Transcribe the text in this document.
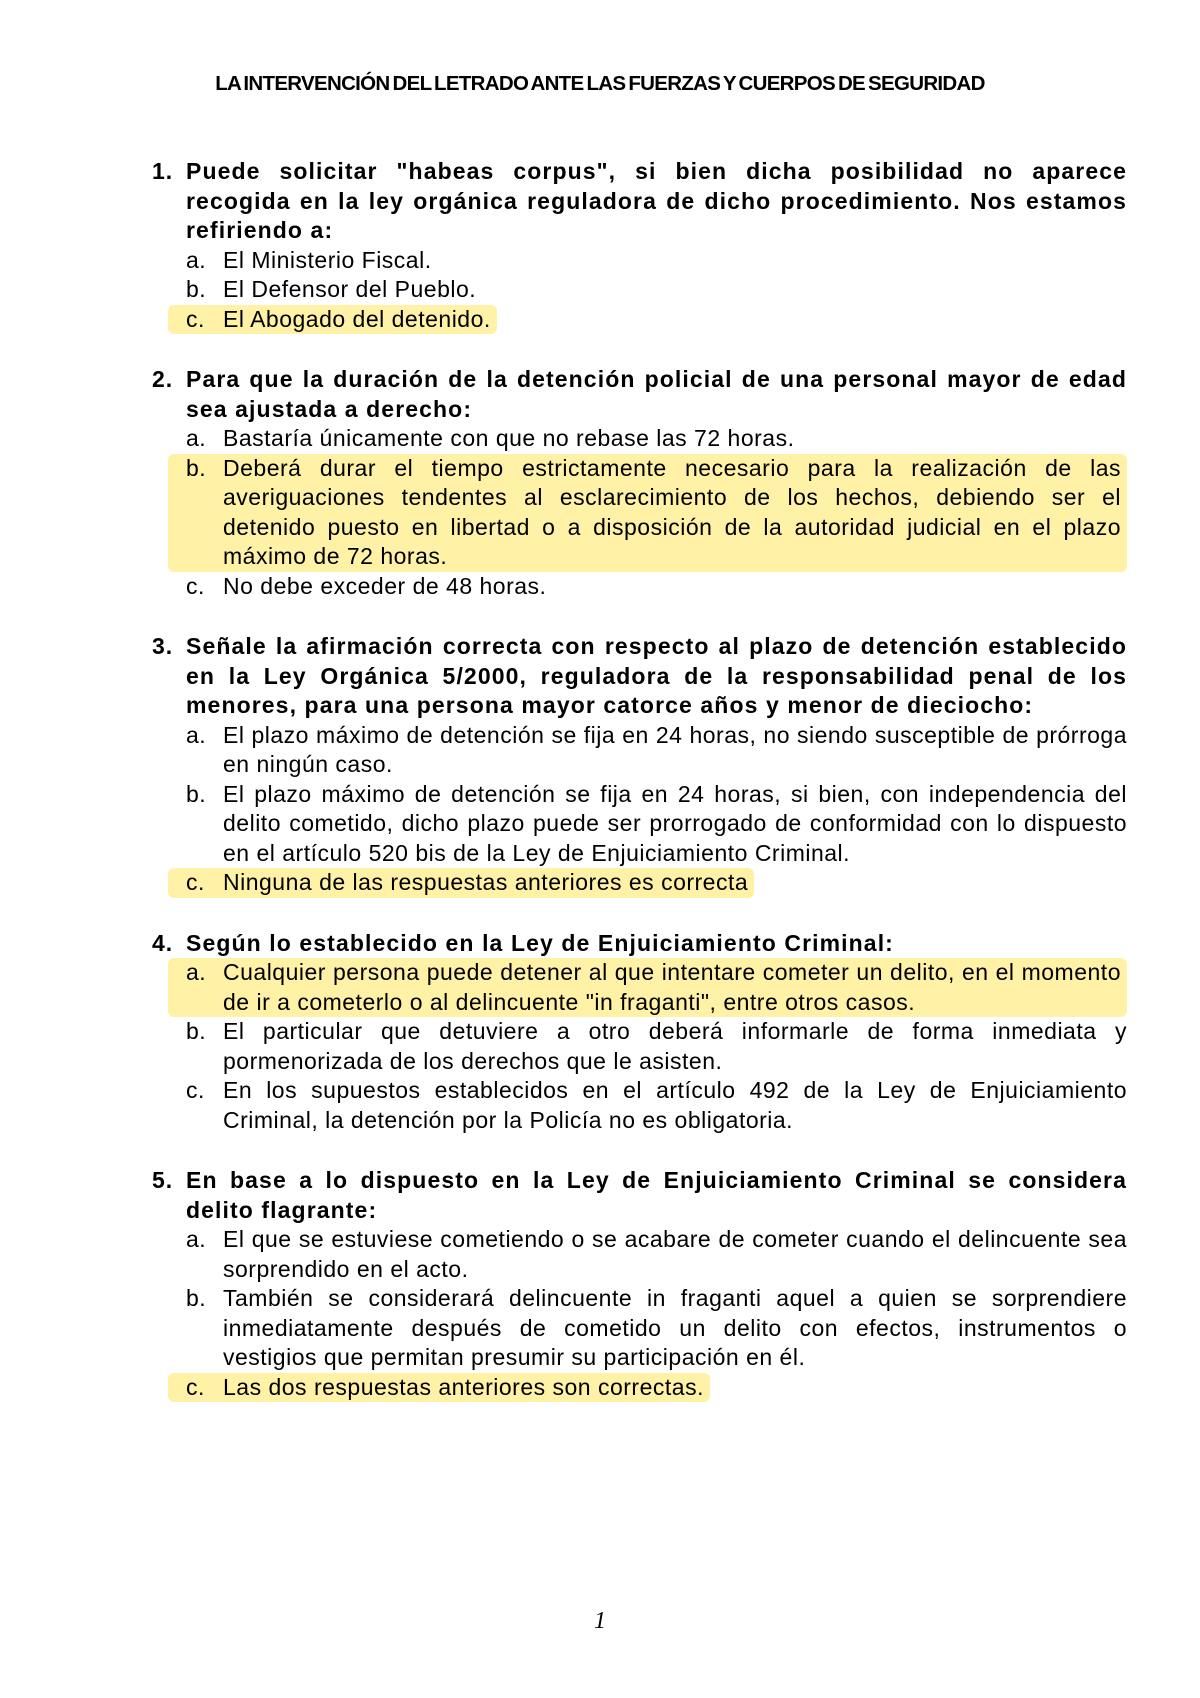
LA INTERVENCIÓN DEL LETRADO ANTE LAS FUERZAS Y CUERPOS DE SEGURIDAD
1. Puede solicitar "habeas corpus", si bien dicha posibilidad no aparece recogida en la ley orgánica reguladora de dicho procedimiento. Nos estamos refiriendo a:
a. El Ministerio Fiscal.
b. El Defensor del Pueblo.
c. El Abogado del detenido.
2. Para que la duración de la detención policial de una personal mayor de edad sea ajustada a derecho:
a. Bastaría únicamente con que no rebase las 72 horas.
b. Deberá durar el tiempo estrictamente necesario para la realización de las averiguaciones tendentes al esclarecimiento de los hechos, debiendo ser el detenido puesto en libertad o a disposición de la autoridad judicial en el plazo máximo de 72 horas.
c. No debe exceder de 48 horas.
3. Señale la afirmación correcta con respecto al plazo de detención establecido en la Ley Orgánica 5/2000, reguladora de la responsabilidad penal de los menores, para una persona mayor catorce años y menor de dieciocho:
a. El plazo máximo de detención se fija en 24 horas, no siendo susceptible de prórroga en ningún caso.
b. El plazo máximo de detención se fija en 24 horas, si bien, con independencia del delito cometido, dicho plazo puede ser prorrogado de conformidad con lo dispuesto en el artículo 520 bis de la Ley de Enjuiciamiento Criminal.
c. Ninguna de las respuestas anteriores es correcta
4. Según lo establecido en la Ley de Enjuiciamiento Criminal:
a. Cualquier persona puede detener al que intentare cometer un delito, en el momento de ir a cometerlo o al delincuente "in fraganti", entre otros casos.
b. El particular que detuviere a otro deberá informarle de forma inmediata y pormenorizada de los derechos que le asisten.
c. En los supuestos establecidos en el artículo 492 de la Ley de Enjuiciamiento Criminal, la detención por la Policía no es obligatoria.
5. En base a lo dispuesto en la Ley de Enjuiciamiento Criminal se considera delito flagrante:
a. El que se estuviese cometiendo o se acabare de cometer cuando el delincuente sea sorprendido en el acto.
b. También se considerará delincuente in fraganti aquel a quien se sorprendiere inmediatamente después de cometido un delito con efectos, instrumentos o vestigios que permitan presumir su participación en él.
c. Las dos respuestas anteriores son correctas.
1
